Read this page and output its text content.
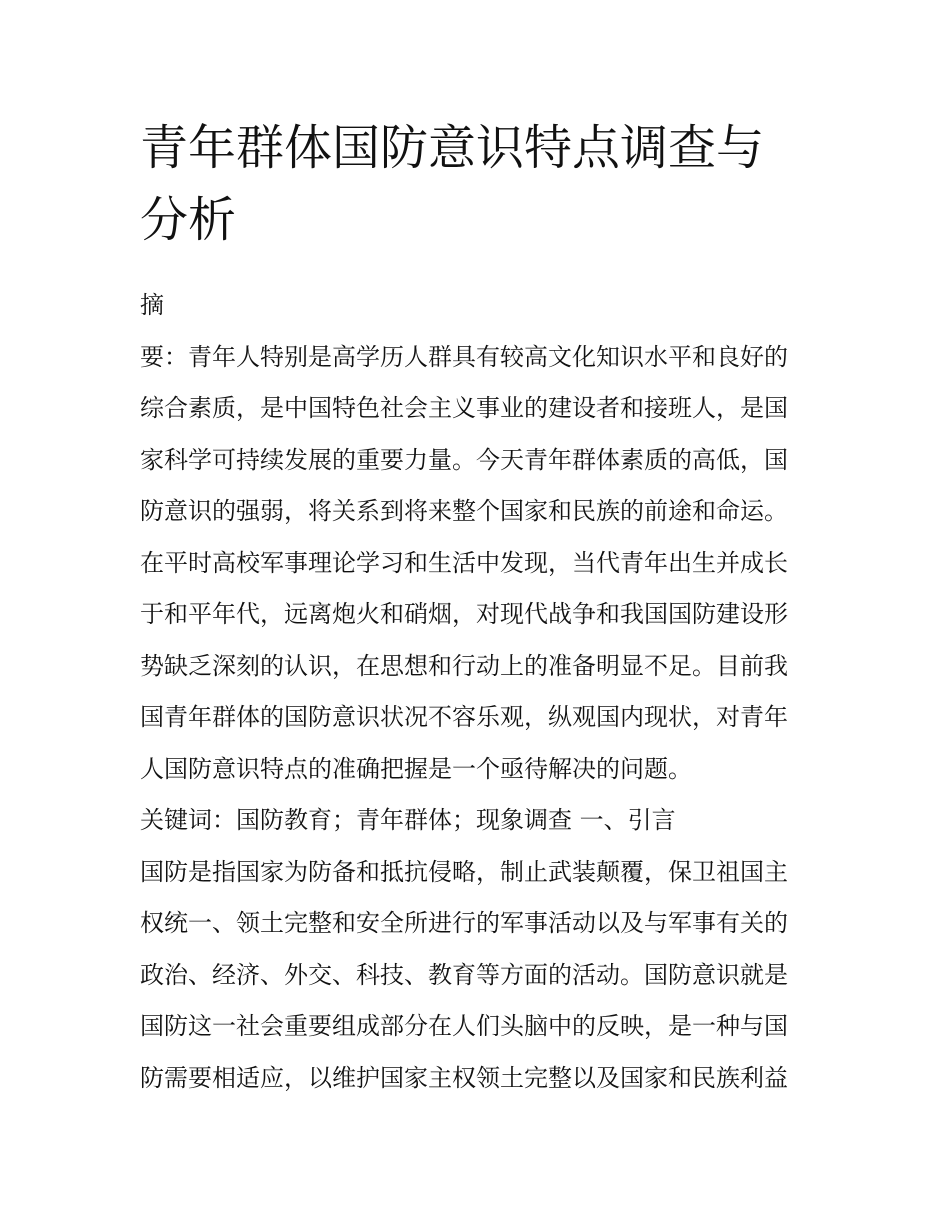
青年群体国防意识特点调查与
分析

摘

要：青年人特别是高学历人群具有较高文化知识水平和良好的

综合素质，是中国特色社会主义事业的建设者和接班人，是国

家科学可持续发展的重要力量。今天青年群体素质的高低，国

防意识的强弱，将关系到将来整个国家和民族的前途和命运。

在平时高校军事理论学习和生活中发现，当代青年出生并成长

于和平年代，远离炮火和硝烟，对现代战争和我国国防建设形

势缺乏深刻的认识，在思想和行动上的准备明显不足。目前我

国青年群体的国防意识状况不容乐观，纵观国内现状，对青年

人国防意识特点的准确把握是一个亟待解决的问题。

关键词：国防教育；青年群体；现象调查 一、引言

国防是指国家为防备和抵抗侵略，制止武装颠覆，保卫祖国主

权统一、领土完整和安全所进行的军事活动以及与军事有关的

政治、经济、外交、科技、教育等方面的活动。国防意识就是

国防这一社会重要组成部分在人们头脑中的反映，是一种与国

防需要相适应，以维护国家主权领土完整以及国家和民族利益
